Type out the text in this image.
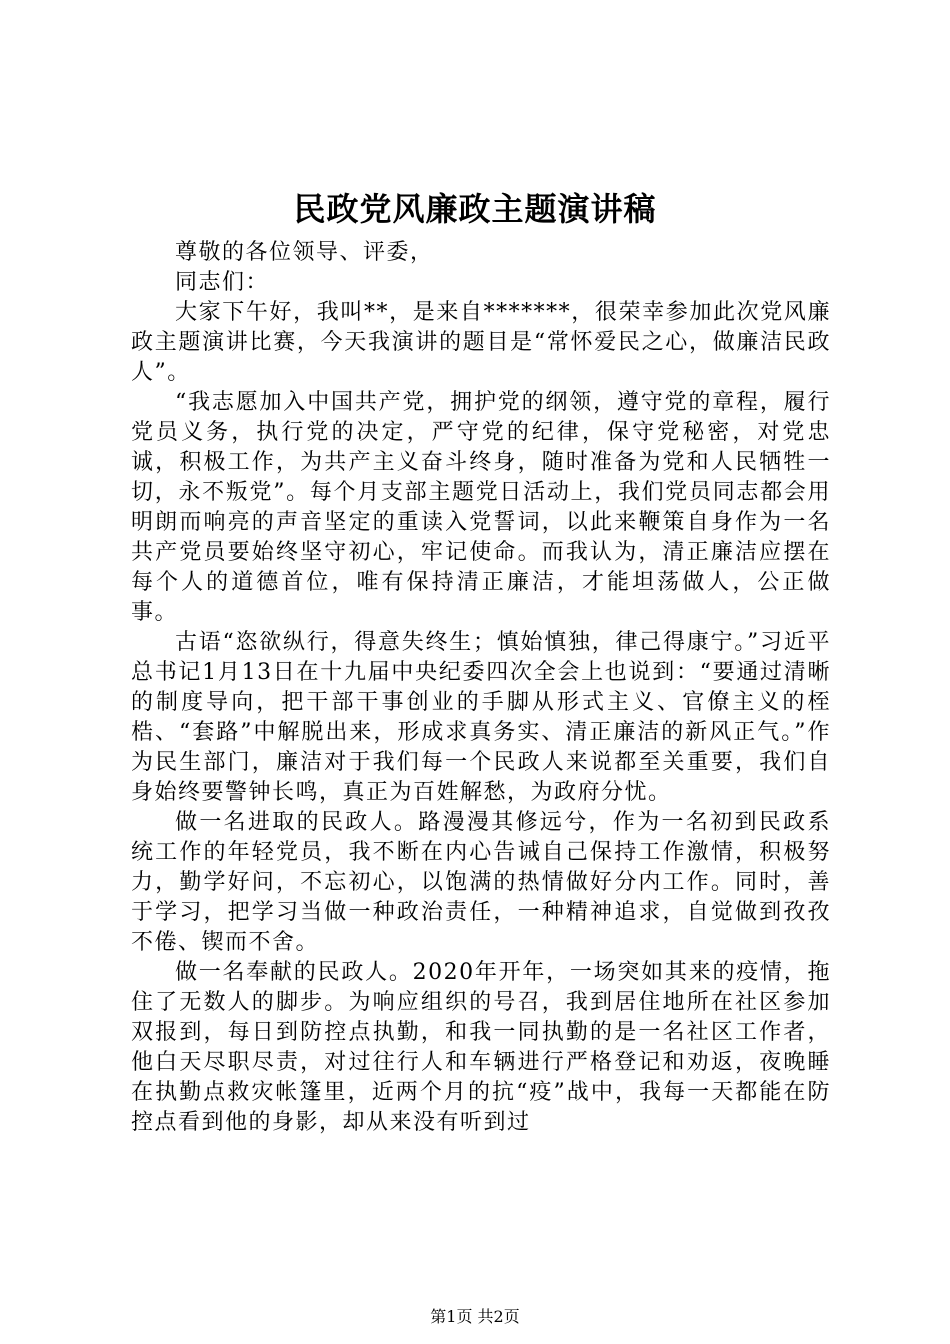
民政党风廉政主题演讲稿

尊敬的各位领导、评委，

同志们：

大家下午好，我叫**，是来自*******，很荣幸参加此次党风廉政主题演讲比赛，今天我演讲的题目是“常怀爱民之心，做廉洁民政人”。

“我志愿加入中国共产党，拥护党的纲领，遵守党的章程，履行党员义务，执行党的决定，严守党的纪律，保守党秘密，对党忠诚，积极工作，为共产主义奋斗终身，随时准备为党和人民牺牲一切，永不叛党”。每个月支部主题党日活动上，我们党员同志都会用明朗而响亮的声音坚定的重读入党誓词，以此来鞭策自身作为一名共产党员要始终坚守初心，牢记使命。而我认为，清正廉洁应摆在每个人的道德首位，唯有保持清正廉洁，才能坦荡做人，公正做事。

古语“恣欲纵行，得意失终生；慎始慎独，律己得康宁。”习近平总书记1月13日在十九届中央纪委四次全会上也说到：“要通过清晰的制度导向，把干部干事创业的手脚从形式主义、官僚主义的桎梏、“套路”中解脱出来，形成求真务实、清正廉洁的新风正气。”作为民生部门，廉洁对于我们每一个民政人来说都至关重要，我们自身始终要警钟长鸣，真正为百姓解愁，为政府分忧。

做一名进取的民政人。路漫漫其修远兮，作为一名初到民政系统工作的年轻党员，我不断在内心告诫自己保持工作激情，积极努力，勤学好问，不忘初心，以饱满的热情做好分内工作。同时，善于学习，把学习当做一种政治责任，一种精神追求，自觉做到孜孜不倦、锲而不舍。

做一名奉献的民政人。2020年开年，一场突如其来的疫情，拖住了无数人的脚步。为响应组织的号召，我到居住地所在社区参加双报到，每日到防控点执勤，和我一同执勤的是一名社区工作者，他白天尽职尽责，对过往行人和车辆进行严格登记和劝返，夜晚睡在执勤点救灾帐篷里，近两个月的抗“疫”战中，我每一天都能在防控点看到他的身影，却从来没有听到过

第1页 共2页
